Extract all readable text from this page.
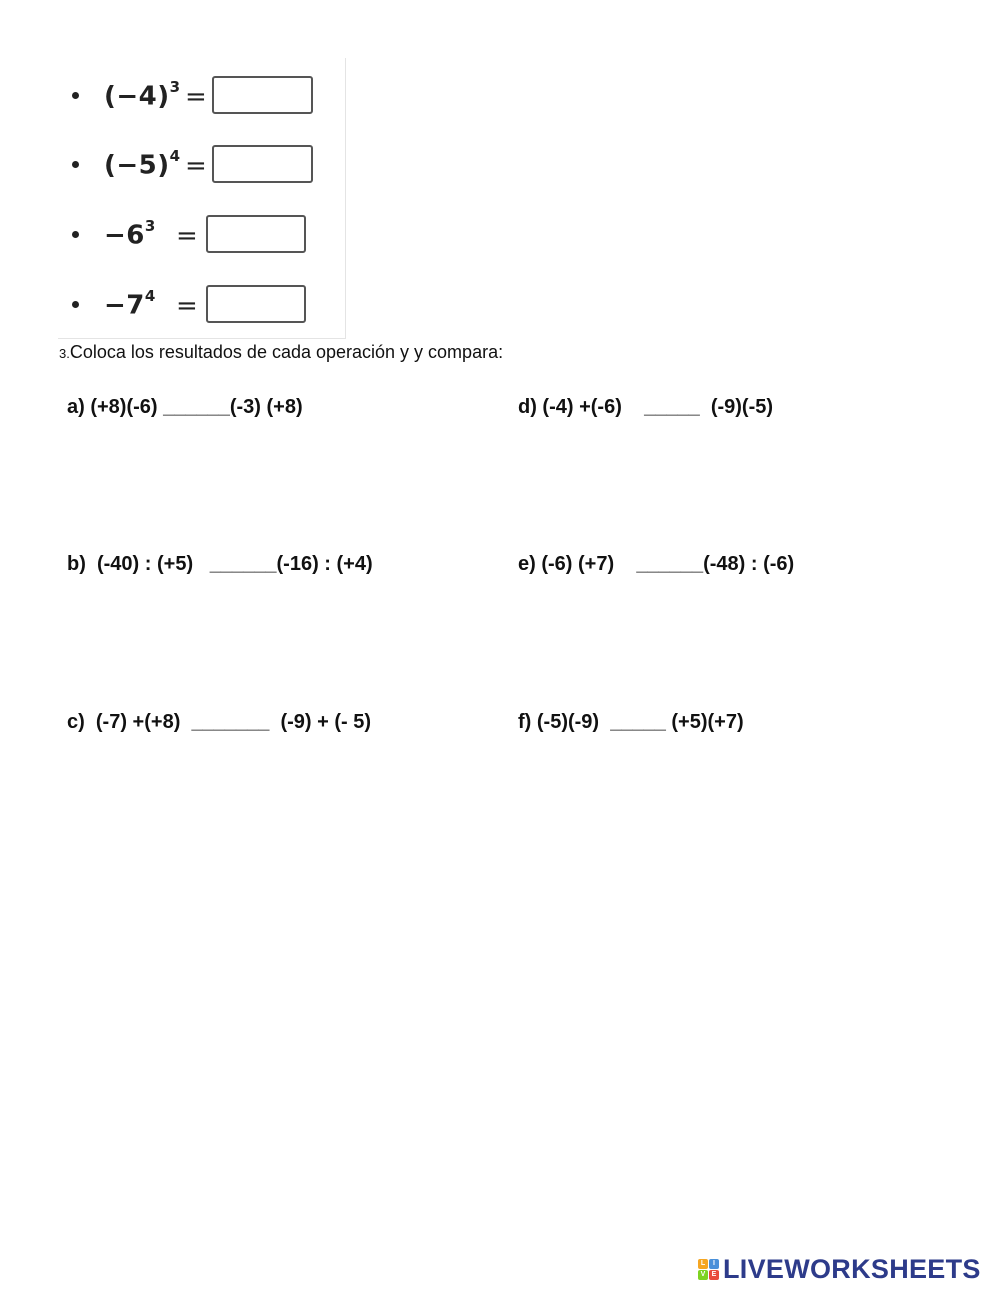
$(-4)^3$ =
$(-5)^4$ =
$-6^3$ =
$-7^4$ =
3.Coloca los resultados de cada operación y y compara:
a) (+8)(-6) ______(-3) (+8)	d) (-4) +(-6)    _____  (-9)(-5)
b)  (-40) : (+5)   ______(-16) : (+4)	e) (-6) (+7)    ______(-48) : (-6)
c)  (-7) +(+8)  _______  (-9) + (- 5)	f) (-5)(-9)  _____ (+5)(+7)
L	I
V E LIVEWORKSHEETS
